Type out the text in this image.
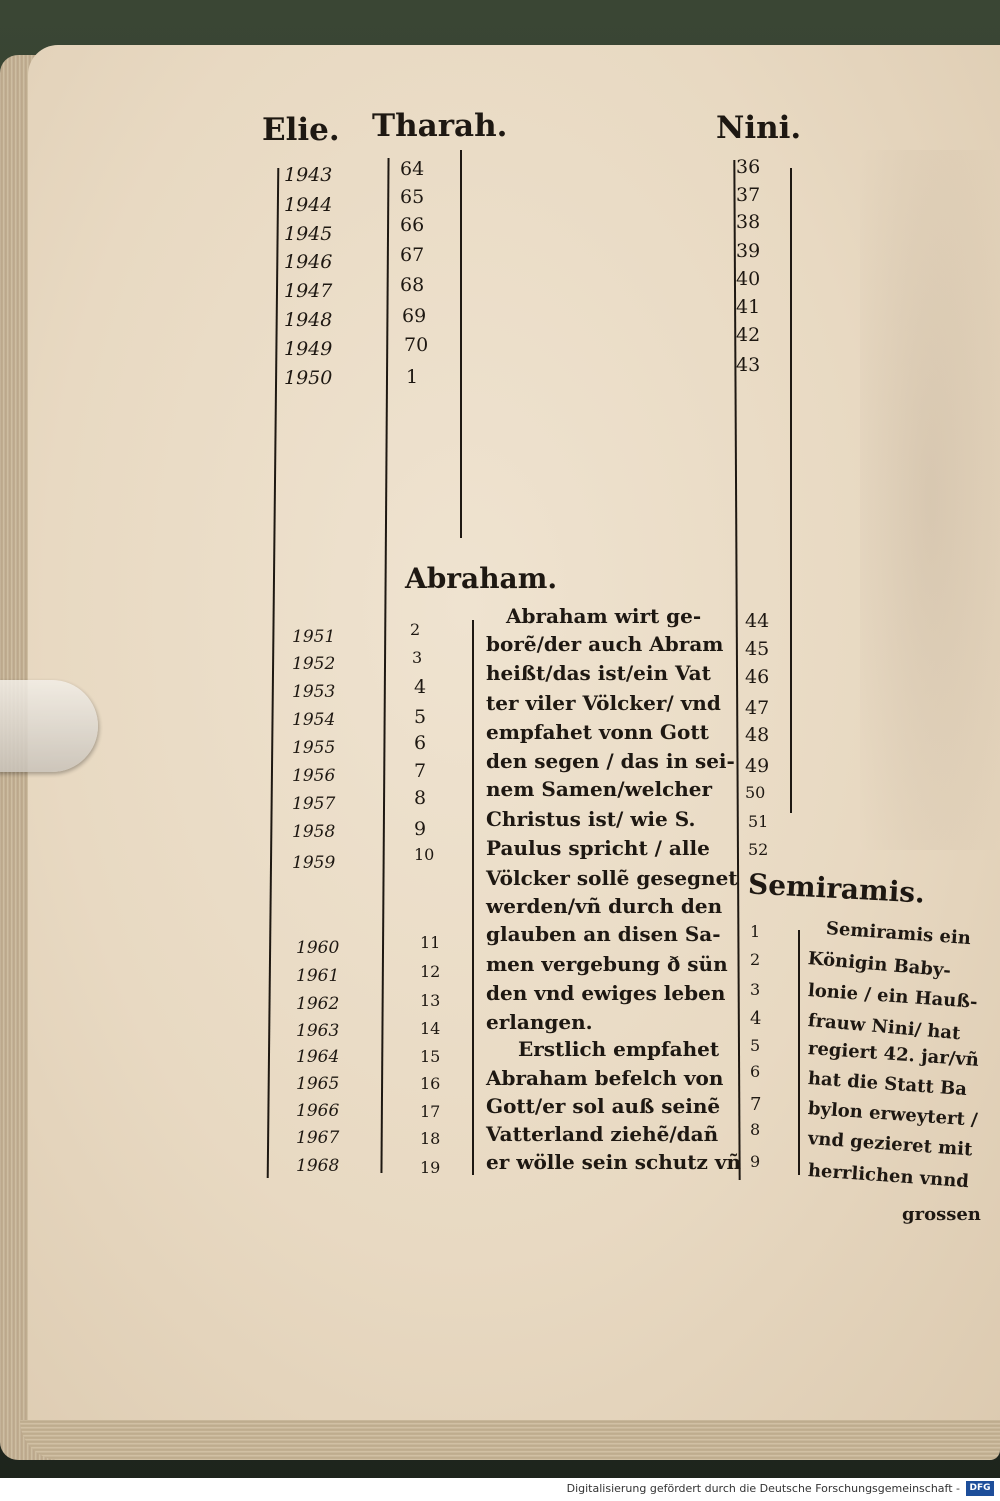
Elie. Tharah.	Nini.
Abraham.
Semiramis.
1943
1944
1945
1946
1947
1948
1949
1950
64
65
66
67
68
69
70
1
36
37
38
39
40
41
42
43
1951
1952
1953
1954
1955
1956
1957
1958
1959
1960
1961
1962
1963
1964
1965
1966
1967
1968
2
3
4
5
6
7
8
9
10
11
12
13
14
15
16
17
18
19
Abraham wirt ge-
borẽ/der auch Abram
heißt/das ist/ein Vat
ter viler Völcker/ vnd
empfahet vonn Gott
den segen / das in sei-
nem Samen/welcher
Christus ist/ wie S.
Paulus spricht / alle
Völcker sollẽ gesegnet
werden/vñ durch den
glauben an disen Sa-
men vergebung ð sün
den vnd ewiges leben
erlangen.
Erstlich empfahet
Abraham befelch von
Gott/er sol auß seinẽ
Vatterland ziehẽ/dañ
er wölle sein schutz vñ
44
45
46
47
48
49
50
51
52
1
2
3
4
5
6
7
8
9
Semiramis ein
Königin Baby-
lonie / ein Hauß-
frauw Nini/ hat
regiert 42. jar/vñ
hat die Statt Ba
bylon erweytert /
vnd gezieret mit
herrlichen vnnd
grossen
Digitalisierung gefördert durch die Deutsche Forschungsgemeinschaft -	DFG
